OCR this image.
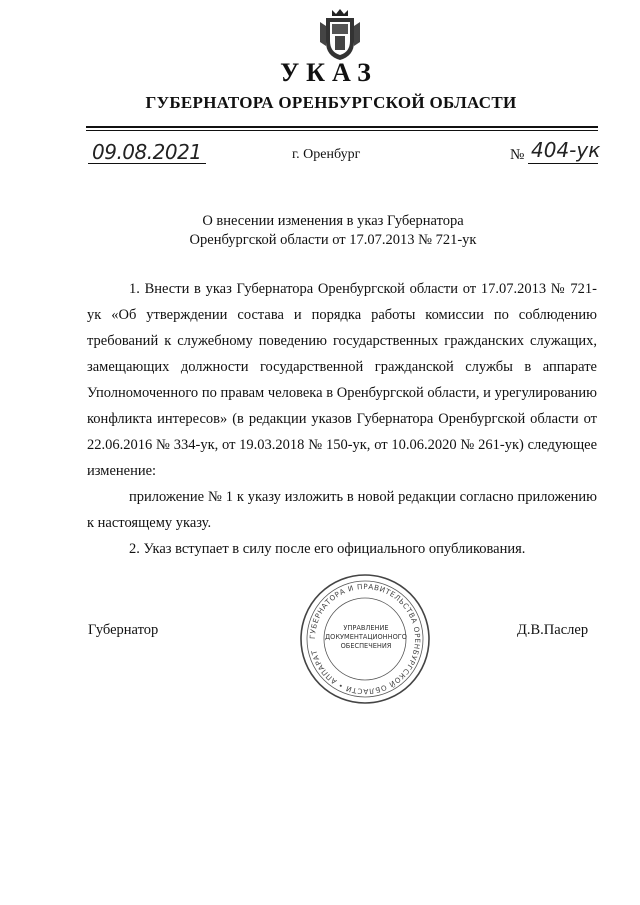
УКАЗ
ГУБЕРНАТОРА ОРЕНБУРГСКОЙ ОБЛАСТИ
09.08.2021	г. Оренбург	№ 404-ук
О внесении изменения в указ Губернатора
Оренбургской области от 17.07.2013 № 721-ук

1. Внести в указ Губернатора Оренбургской области от 17.07.2013 № 721-ук «Об утверждении состава и порядка работы комиссии по соблюдению требований к служебному поведению государственных гражданских служащих, замещающих должности государственной гражданской службы в аппарате Уполномоченного по правам человека в Оренбургской области, и урегулированию конфликта интересов» (в редакции указов Губернатора Оренбургской области от 22.06.2016 № 334-ук, от 19.03.2018 № 150-ук, от 10.06.2020 № 261-ук) следующее изменение:

приложение № 1 к указу изложить в новой редакции согласно приложению к настоящему указу.

2. Указ вступает в силу после его официального опубликования.

Губернатор	Д.В.Паслер
ГУБЕРНАТОРА И ПРАВИТЕЛЬСТВА ОРЕНБУРГСКОЙ ОБЛАСТИ • АППАРАТ
УПРАВЛЕНИЕ
ДОКУМЕНТАЦИОННОГО
ОБЕСПЕЧЕНИЯ
